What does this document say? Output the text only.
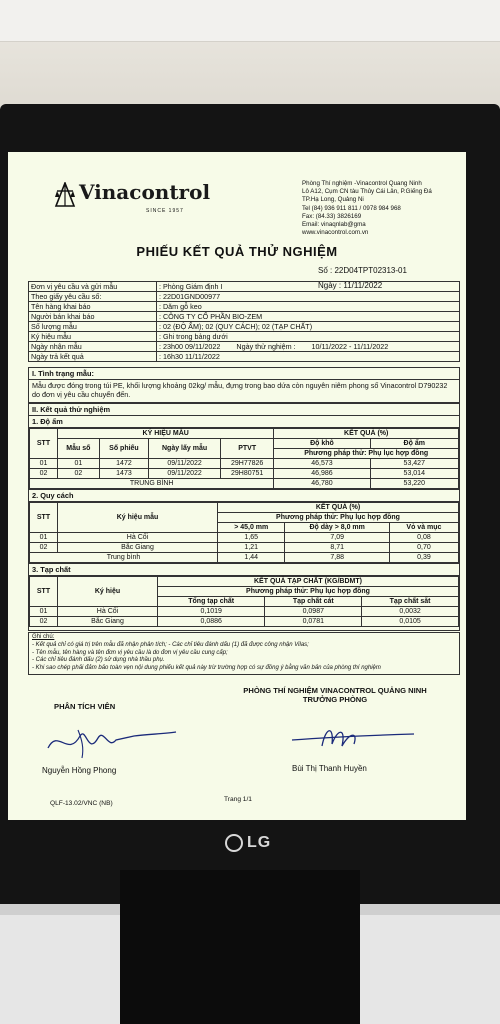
LG
Vinacontrol
SINCE 1957
Phòng Thí nghiệm -Vinacontrol Quang Ninh
Lô A12, Cụm CN tàu Thủy Cái Lân, P.Giếng Đá
TP.Hạ Long, Quảng Ni
Tel (84) 936 911 811 / 0978 984 968
Fax: (84.33) 3826169
Email: vinaqnlab@gma
www.vinacontrol.com.vn
PHIẾU KẾT QUẢ THỬ NGHIỆM
Số : 22D04TPT02313-01
Ngày : 11/11/2022
Đơn vị yêu cầu và gửi mẫu	: Phòng Giám định I
Theo giấy yêu cầu số:	: 22D01GND00977
Tên hàng khai báo	: Dăm gỗ keo
Người bán khai báo	: CÔNG TY CỔ PHẦN BIO-ZEM
Số lượng mẫu	: 02 (ĐỘ ẨM); 02 (QUY CÁCH); 02 (TẠP CHẤT)
Ký hiệu mẫu	: Ghi trong bảng dưới
Ngày nhận mẫu	: 23h00 09/11/2022 Ngày thử nghiệm : 10/11/2022 - 11/11/2022
Ngày trả kết quả	: 16h30 11/11/2022
I. Tình trạng mẫu:
Mẫu được đóng trong túi PE, khối lượng khoảng 02kg/ mẫu, đựng trong bao dứa còn nguyên niêm phong số Vinacontrol D790232 do đơn vị yêu cầu chuyển đến.
II. Kết quả thử nghiệm
1. Độ ẩm
STT	KÝ HIỆU MẪU				KẾT QUẢ (%)	
	Mẫu số	Số phiếu	Ngày lấy mẫu	PTVT	Độ khô	Độ ẩm
					Phương pháp thử: Phụ lục hợp đồng	
01	01	1472	09/11/2022	29H77826	46,573	53,427
02	02	1473	09/11/2022	29H80751	46,986	53,014
TRUNG BÌNH					46,780	53,220
2. Quy cách
STT	Ký hiệu mẫu	KẾT QUẢ (%)		
		Phương pháp thử: Phụ lục hợp đồng		
		> 45,0 mm	Độ dày > 8,0 mm	Vỏ và mục
01	Hà Cối	1,65	7,09	0,08
02	Bắc Giang	1,21	8,71	0,70
Trung bình		1,44	7,88	0,39
3. Tạp chất
STT	Ký hiệu	KẾT QUẢ TẠP CHẤT (KG/BDMT)		
		Phương pháp thử: Phụ lục hợp đồng		
		Tổng tạp chất	Tạp chất cát	Tạp chất sắt
01	Hà Cối	0,1019	0,0987	0,0032
02	Bắc Giang	0,0886	0,0781	0,0105
Ghi chú:
- Kết quả chỉ có giá trị trên mẫu đã nhận phân tích; - Các chỉ tiêu đánh dấu (1) đã được công nhận Vilas;
- Tên mẫu, tên hàng và tên đơn vị yêu cầu là do đơn vị yêu cầu cung cấp;
- Các chỉ tiêu đánh dấu (2) sử dụng nhà thầu phụ.
- Khi sao chép phải đảm bảo toàn vẹn nội dung phiếu kết quả này trừ trường hợp có sự đồng ý bằng văn bản của phòng thí nghiệm
PHÂN TÍCH VIÊN
PHÒNG THÍ NGHIỆM VINACONTROL QUẢNG NINH
TRƯỞNG PHÒNG
Nguyễn Hồng Phong	Bùi Thị Thanh Huyền
QLF-13.02/VNC (NB)
Trang 1/1
